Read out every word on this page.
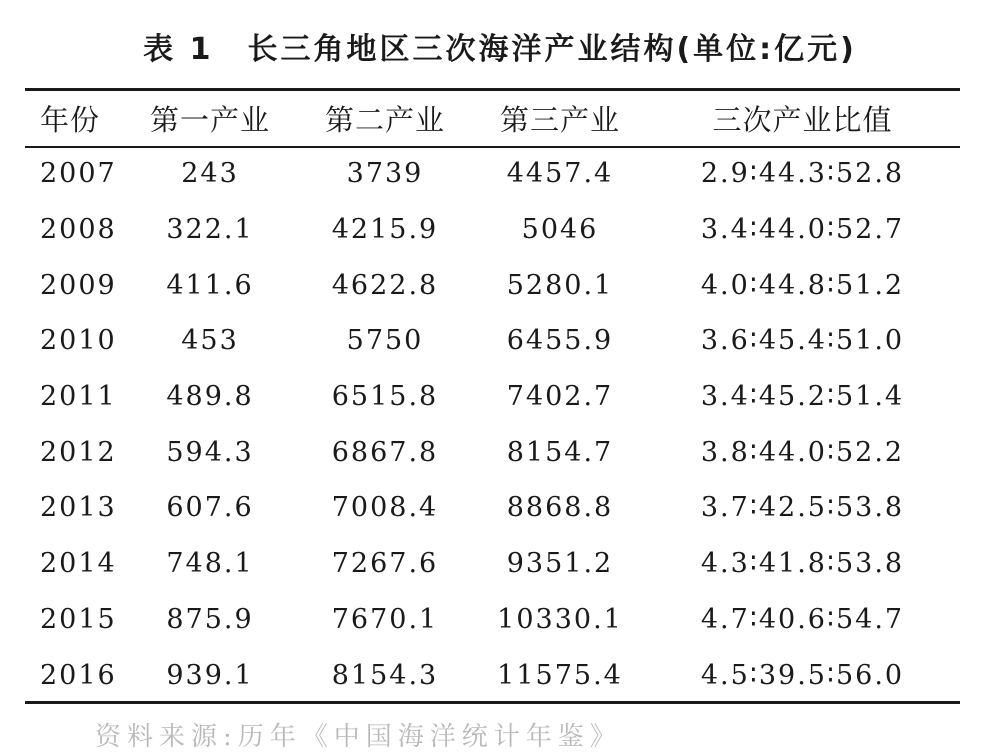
表 1 长三角地区三次海洋产业结构(单位:亿元)
年份	第一产业	第二产业	第三产业	三次产业比值
2007	243	3739	4457.4	2.9∶44.3∶52.8
2008	322.1	4215.9	5046	3.4∶44.0∶52.7
2009	411.6	4622.8	5280.1	4.0∶44.8∶51.2
2010	453	5750	6455.9	3.6∶45.4∶51.0
2011	489.8	6515.8	7402.7	3.4∶45.2∶51.4
2012	594.3	6867.8	8154.7	3.8∶44.0∶52.2
2013	607.6	7008.4	8868.8	3.7∶42.5∶53.8
2014	748.1	7267.6	9351.2	4.3∶41.8∶53.8
2015	875.9	7670.1	10330.1	4.7∶40.6∶54.7
2016	939.1	8154.3	11575.4	4.5∶39.5∶56.0
资料来源:历年《中国海洋统计年鉴》
